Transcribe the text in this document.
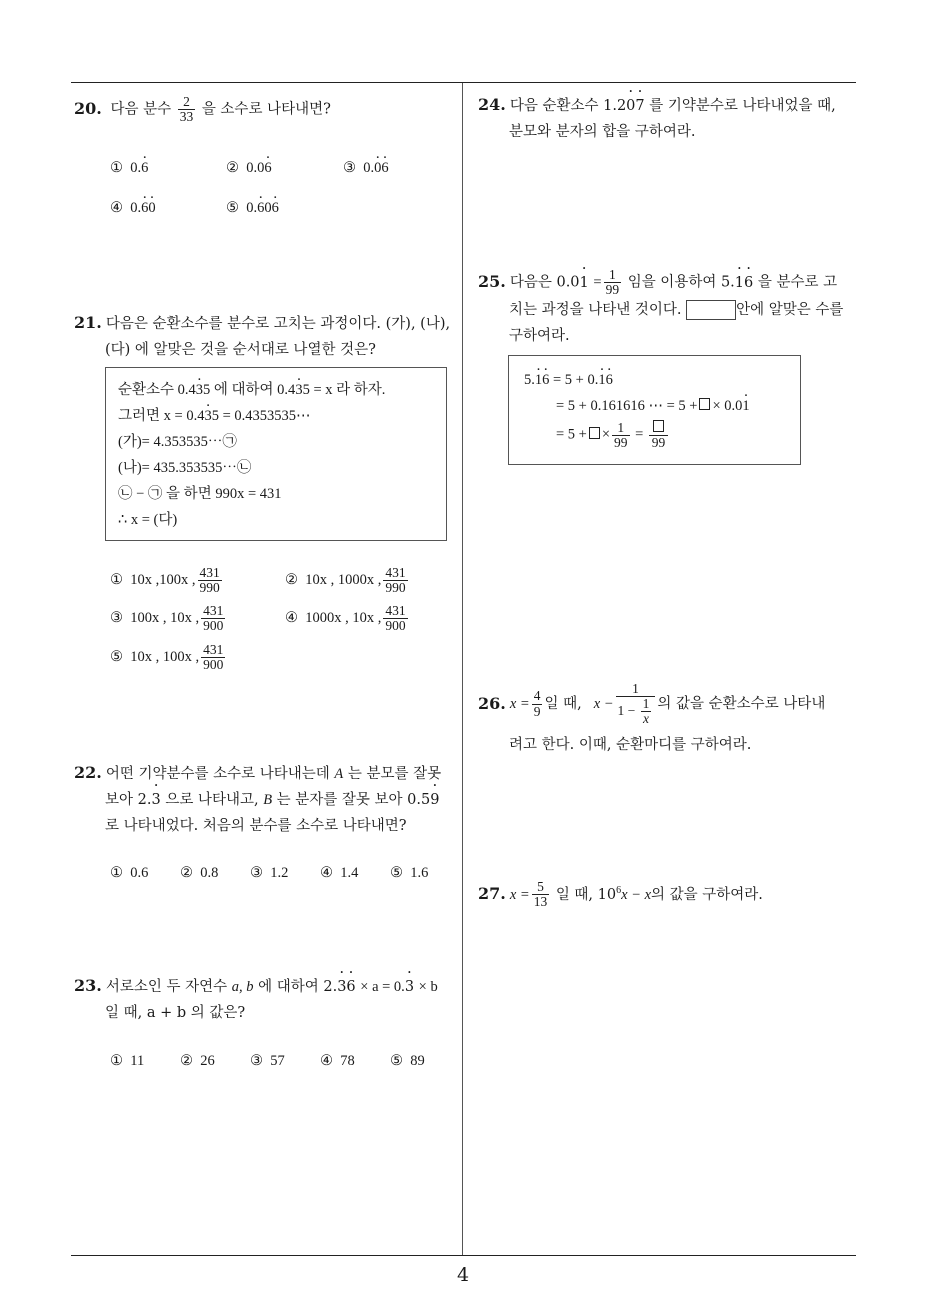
20. 다음 분수 $\frac{2}{33}$ 을 소수로 나타내면?
① 0.· 6	② 0.0· 6	③ 0.· 0· 6
④ 0.· 6· 0	⑤ 0.· 60· 6
21. 다음은 순환소수를 분수로 고치는 과정이다. (가), (나),
(다) 에 알맞은 것을 순서대로 나열한 것은?
순환소수 0.4· 35 에 대하여 0.4· 35 = x 라 하자.
그러면 x = 0.4· 35 = 0.4353535⋯
(가)= 4.353535⋯㉠
(나)= 435.353535⋯㉡
㉡ − ㉠ 을 하면 990x = 431
∴ x = (다)
① 10x ,100x , $\frac{431}{990}$	② 10x , 1000x , $\frac{431}{990}$
③ 100x , 10x , $\frac{431}{900}$	④ 1000x , 10x , $\frac{431}{900}$
⑤ 10x , 100x , $\frac{431}{900}$
22. 어떤 기약분수를 소수로 나타내는데 A 는 분모를 잘못
보아 2.· 3 으로 나타내고, B 는 분자를 잘못 보아 0.5· 9
로 나타내었다. 처음의 분수를 소수로 나타내면?
① 0.6 ② 0.8 ③ 1.2 ④ 1.4 ⑤ 1.6
23. 서로소인 두 자연수 a, b 에 대하여 2.· 3· 6 × a = 0.· 3 × b
일 때, a + b 의 값은?
① 11 ② 26 ③ 57 ④ 78 ⑤ 89
24. 다음 순환소수 1.2· 0· 7 를 기약분수로 나타내었을 때,
분모와 분자의 합을 구하여라.
25. 다음은 $0.0\cdot 1 = \frac{1}{99}$ 임을 이용하여 5.· 1· 6 을 분수로 고
치는 과정을 나타낸 것이다.	안에 알맞은 수를
구하여라.
5.· 1· 6 = 5 + 0.· 1· 6
= 5 + 0.161616 ⋯ = 5 + × 0.0· 1
= 5 + × $\frac{1}{99}$ =
99
26. $x = \frac{4}{9}$ 일 때, $x - \frac{1}{1 - \frac{1}{x}}$ 의 값을 순환소수로 나타내
려고 한다. 이때, 순환마디를 구하여라.
27. $x = \frac{5}{13}$ 일 때, $10^6x - x$의 값을 구하여라.
4
